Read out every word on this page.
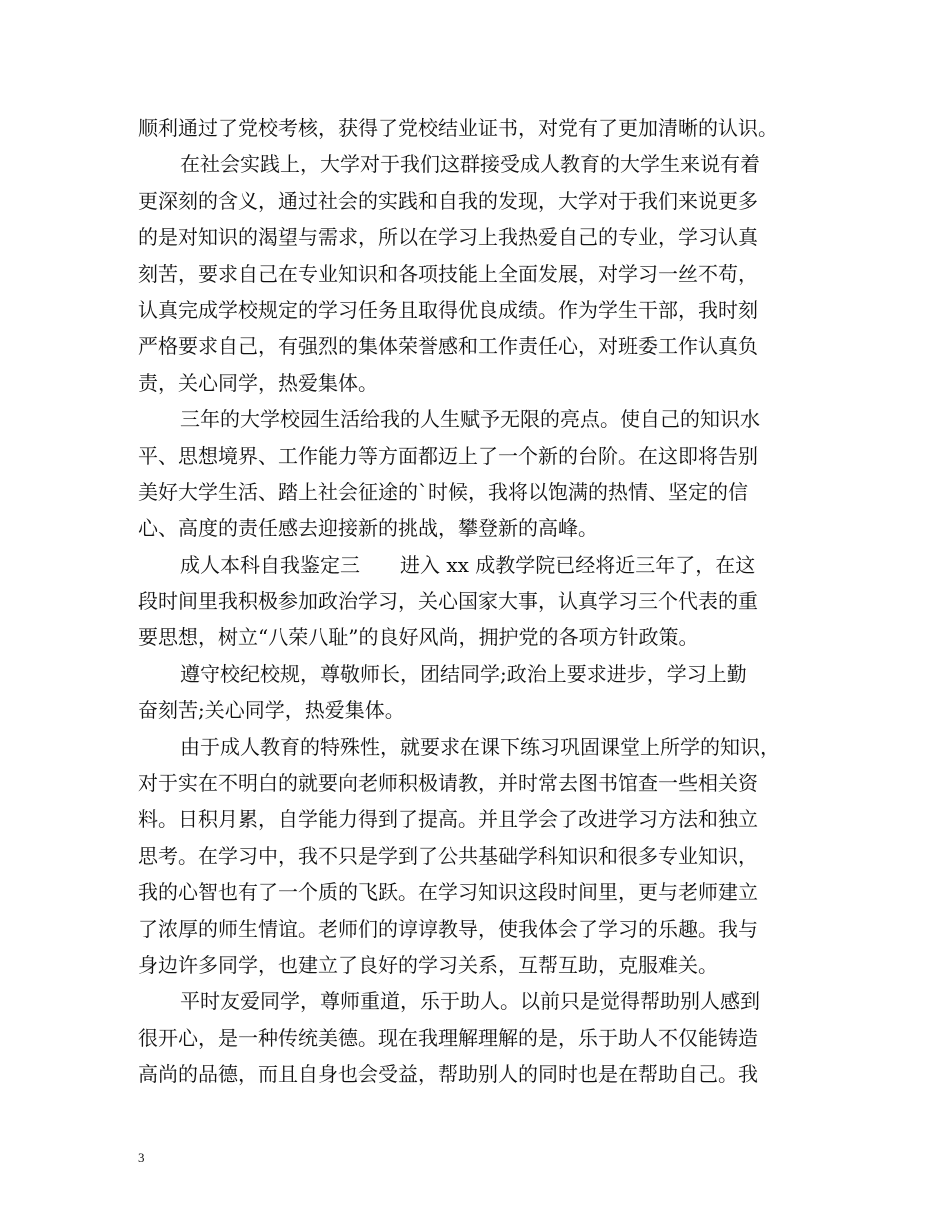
顺利通过了党校考核，获得了党校结业证书，对党有了更加清晰的认识。
在社会实践上，大学对于我们这群接受成人教育的大学生来说有着
更深刻的含义，通过社会的实践和自我的发现，大学对于我们来说更多
的是对知识的渴望与需求，所以在学习上我热爱自己的专业，学习认真
刻苦，要求自己在专业知识和各项技能上全面发展，对学习一丝不苟，
认真完成学校规定的学习任务且取得优良成绩。作为学生干部，我时刻
严格要求自己，有强烈的集体荣誉感和工作责任心，对班委工作认真负
责，关心同学，热爱集体。
三年的大学校园生活给我的人生赋予无限的亮点。使自己的知识水
平、思想境界、工作能力等方面都迈上了一个新的台阶。在这即将告别
美好大学生活、踏上社会征途的`时候，我将以饱满的热情、坚定的信
心、高度的责任感去迎接新的挑战，攀登新的高峰。
成人本科自我鉴定三　　进入 xx 成教学院已经将近三年了，在这
段时间里我积极参加政治学习，关心国家大事，认真学习三个代表的重
要思想，树立“八荣八耻”的良好风尚，拥护党的各项方针政策。
遵守校纪校规，尊敬师长，团结同学;政治上要求进步，学习上勤
奋刻苦;关心同学，热爱集体。
由于成人教育的特殊性，就要求在课下练习巩固课堂上所学的知识，
对于实在不明白的就要向老师积极请教，并时常去图书馆查一些相关资
料。日积月累，自学能力得到了提高。并且学会了改进学习方法和独立
思考。在学习中，我不只是学到了公共基础学科知识和很多专业知识，
我的心智也有了一个质的飞跃。在学习知识这段时间里，更与老师建立
了浓厚的师生情谊。老师们的谆谆教导，使我体会了学习的乐趣。我与
身边许多同学，也建立了良好的学习关系，互帮互助，克服难关。
平时友爱同学，尊师重道，乐于助人。以前只是觉得帮助别人感到
很开心，是一种传统美德。现在我理解理解的是，乐于助人不仅能铸造
高尚的品德，而且自身也会受益，帮助别人的同时也是在帮助自己。我
3
